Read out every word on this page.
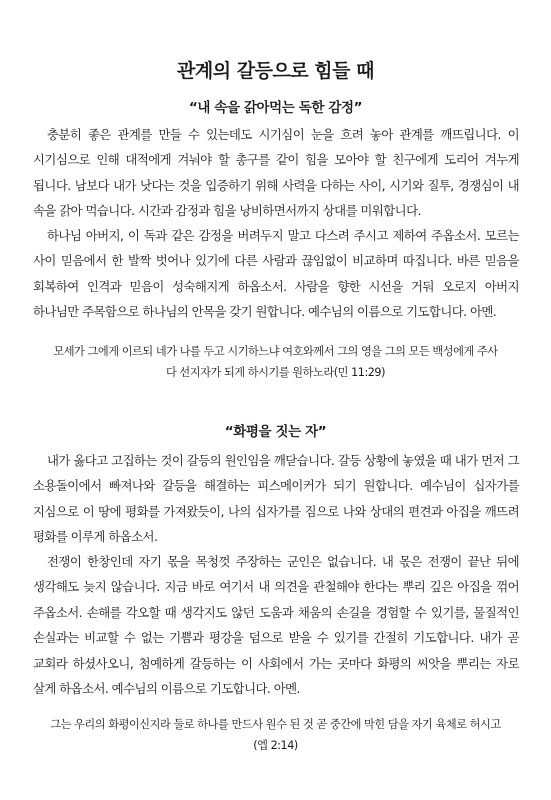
관계의 갈등으로 힘들 때
“내 속을 갉아먹는 독한 감정”

충분히 좋은 관계를 만들 수 있는데도 시기심이 눈을 흐려 놓아 관계를 깨뜨립니다. 이 시기심으로 인해 대적에게 겨눠야 할 총구를 같이 힘을 모아야 할 친구에게 도리어 겨누게 됩니다. 남보다 내가 낫다는 것을 입증하기 위해 사력을 다하는 사이, 시기와 질투, 경쟁심이 내 속을 갉아 먹습니다. 시간과 감정과 힘을 낭비하면서까지 상대를 미워합니다.

하나님 아버지, 이 독과 같은 감정을 버려두지 말고 다스려 주시고 제하여 주옵소서. 모르는 사이 믿음에서 한 발짝 벗어나 있기에 다른 사람과 끊임없이 비교하며 따집니다. 바른 믿음을 회복하여 인격과 믿음이 성숙해지게 하옵소서. 사람을 향한 시선을 거둬 오로지 아버지 하나님만 주목함으로 하나님의 안목을 갖기 원합니다. 예수님의 이름으로 기도합니다. 아멘.

모세가 그에게 이르되 네가 나를 두고 시기하느냐 여호와께서 그의 영을 그의 모든 백성에게 주사 다 선지자가 되게 하시기를 원하노라(민 11:29)
“화평을 짓는 자”

내가 옳다고 고집하는 것이 갈등의 원인임을 깨닫습니다. 갈등 상황에 놓였을 때 내가 먼저 그 소용돌이에서 빠져나와 갈등을 해결하는 피스메이커가 되기 원합니다. 예수님이 십자가를 지심으로 이 땅에 평화를 가져왔듯이, 나의 십자가를 짐으로 나와 상대의 편견과 아집을 깨뜨려 평화를 이루게 하옵소서.

전쟁이 한창인데 자기 몫을 목청껏 주장하는 군인은 없습니다. 내 몫은 전쟁이 끝난 뒤에 생각해도 늦지 않습니다. 지금 바로 여기서 내 의견을 관철해야 한다는 뿌리 깊은 아집을 꺾어 주옵소서. 손해를 각오할 때 생각지도 않던 도움과 채움의 손길을 경험할 수 있기를, 물질적인 손실과는 비교할 수 없는 기쁨과 평강을 덤으로 받을 수 있기를 간절히 기도합니다. 내가 곧 교회라 하셨사오니, 첨예하게 갈등하는 이 사회에서 가는 곳마다 화평의 씨앗을 뿌리는 자로 살게 하옵소서. 예수님의 이름으로 기도합니다. 아멘.

그는 우리의 화평이신지라 둘로 하나를 만드사 원수 된 것 곧 중간에 막힌 담을 자기 육체로 허시고(엡 2:14)
